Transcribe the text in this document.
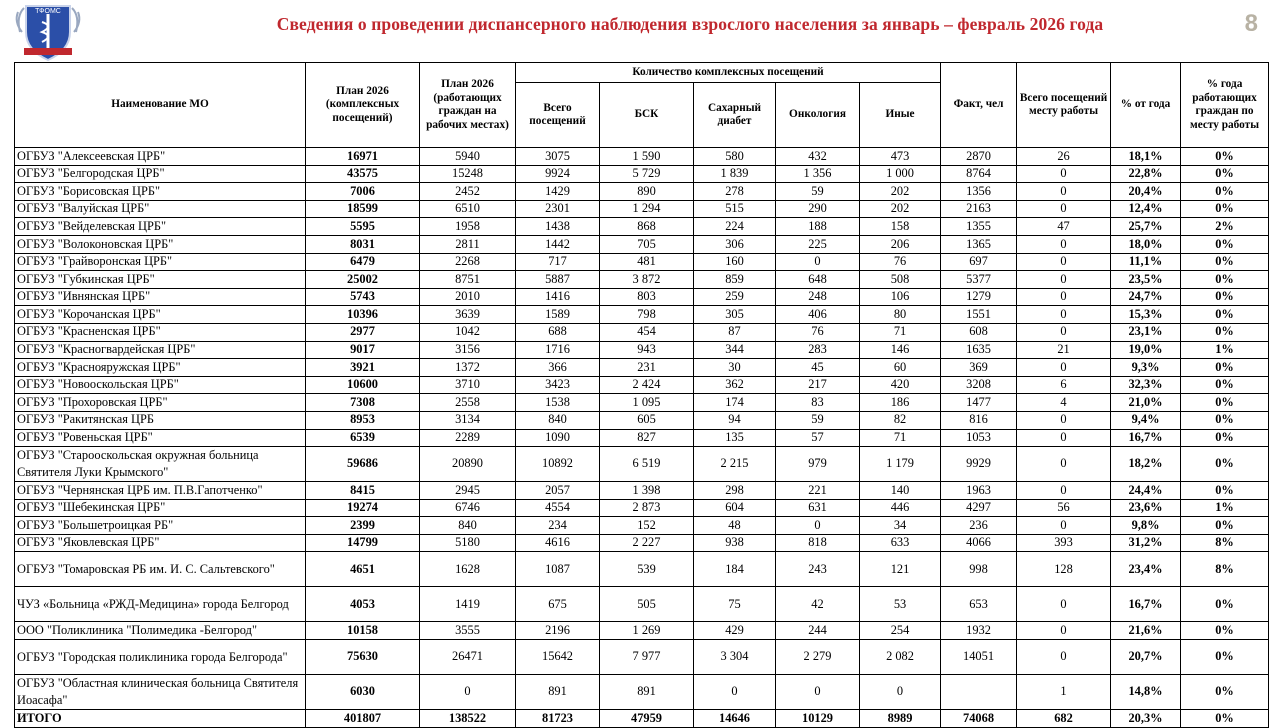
ТФОМС
Сведения о проведении диспансерного наблюдения взрослого населения за январь – февраль 2026 года	8
Наименование МО	План 2026 (комплексных посещений)	План 2026 (работающих граждан на рабочих местах)	Количество комплексных посещений					Факт, чел	Всего посещений месту работы	% от года	% года работающих граждан по месту работы
			Всего посещений	БСК	Сахарный диабет	Онкология	Иные				
ОГБУЗ "Алексеевская ЦРБ"	16971	5940	3075	1 590	580	432	473	2870	26	18,1%	0%
ОГБУЗ "Белгородская ЦРБ"	43575	15248	9924	5 729	1 839	1 356	1 000	8764	0	22,8%	0%
ОГБУЗ "Борисовская ЦРБ"	7006	2452	1429	890	278	59	202	1356	0	20,4%	0%
ОГБУЗ "Валуйская ЦРБ"	18599	6510	2301	1 294	515	290	202	2163	0	12,4%	0%
ОГБУЗ "Вейделевская ЦРБ"	5595	1958	1438	868	224	188	158	1355	47	25,7%	2%
ОГБУЗ "Волоконовская ЦРБ"	8031	2811	1442	705	306	225	206	1365	0	18,0%	0%
ОГБУЗ "Грайворонская ЦРБ"	6479	2268	717	481	160	0	76	697	0	11,1%	0%
ОГБУЗ "Губкинская ЦРБ"	25002	8751	5887	3 872	859	648	508	5377	0	23,5%	0%
ОГБУЗ "Ивнянская ЦРБ"	5743	2010	1416	803	259	248	106	1279	0	24,7%	0%
ОГБУЗ "Корочанская ЦРБ"	10396	3639	1589	798	305	406	80	1551	0	15,3%	0%
ОГБУЗ "Красненская ЦРБ"	2977	1042	688	454	87	76	71	608	0	23,1%	0%
ОГБУЗ "Красногвардейская ЦРБ"	9017	3156	1716	943	344	283	146	1635	21	19,0%	1%
ОГБУЗ "Краснояружская ЦРБ"	3921	1372	366	231	30	45	60	369	0	9,3%	0%
ОГБУЗ "Новооскольская ЦРБ"	10600	3710	3423	2 424	362	217	420	3208	6	32,3%	0%
ОГБУЗ "Прохоровская ЦРБ"	7308	2558	1538	1 095	174	83	186	1477	4	21,0%	0%
ОГБУЗ "Ракитянская ЦРБ	8953	3134	840	605	94	59	82	816	0	9,4%	0%
ОГБУЗ "Ровеньская ЦРБ"	6539	2289	1090	827	135	57	71	1053	0	16,7%	0%
ОГБУЗ "Старооскольская окружная больница Святителя Луки Крымского"	59686	20890	10892	6 519	2 215	979	1 179	9929	0	18,2%	0%
ОГБУЗ "Чернянская ЦРБ им. П.В.Гапотченко"	8415	2945	2057	1 398	298	221	140	1963	0	24,4%	0%
ОГБУЗ "Шебекинская ЦРБ"	19274	6746	4554	2 873	604	631	446	4297	56	23,6%	1%
ОГБУЗ "Большетроицкая РБ"	2399	840	234	152	48	0	34	236	0	9,8%	0%
ОГБУЗ "Яковлевская ЦРБ"	14799	5180	4616	2 227	938	818	633	4066	393	31,2%	8%
ОГБУЗ "Томаровская РБ им. И. С. Сальтевского"	4651	1628	1087	539	184	243	121	998	128	23,4%	8%
ЧУЗ «Больница «РЖД-Медицина» города Белгород	4053	1419	675	505	75	42	53	653	0	16,7%	0%
ООО "Поликлиника "Полимедика -Белгород"	10158	3555	2196	1 269	429	244	254	1932	0	21,6%	0%
ОГБУЗ "Городская поликлиника города Белгорода"	75630	26471	15642	7 977	3 304	2 279	2 082	14051	0	20,7%	0%
ОГБУЗ "Областная клиническая больница Святителя Иоасафа"	6030	0	891	891	0	0	0		1	14,8%	0%
ИТОГО	401807	138522	81723	47959	14646	10129	8989	74068	682	20,3%	0%
